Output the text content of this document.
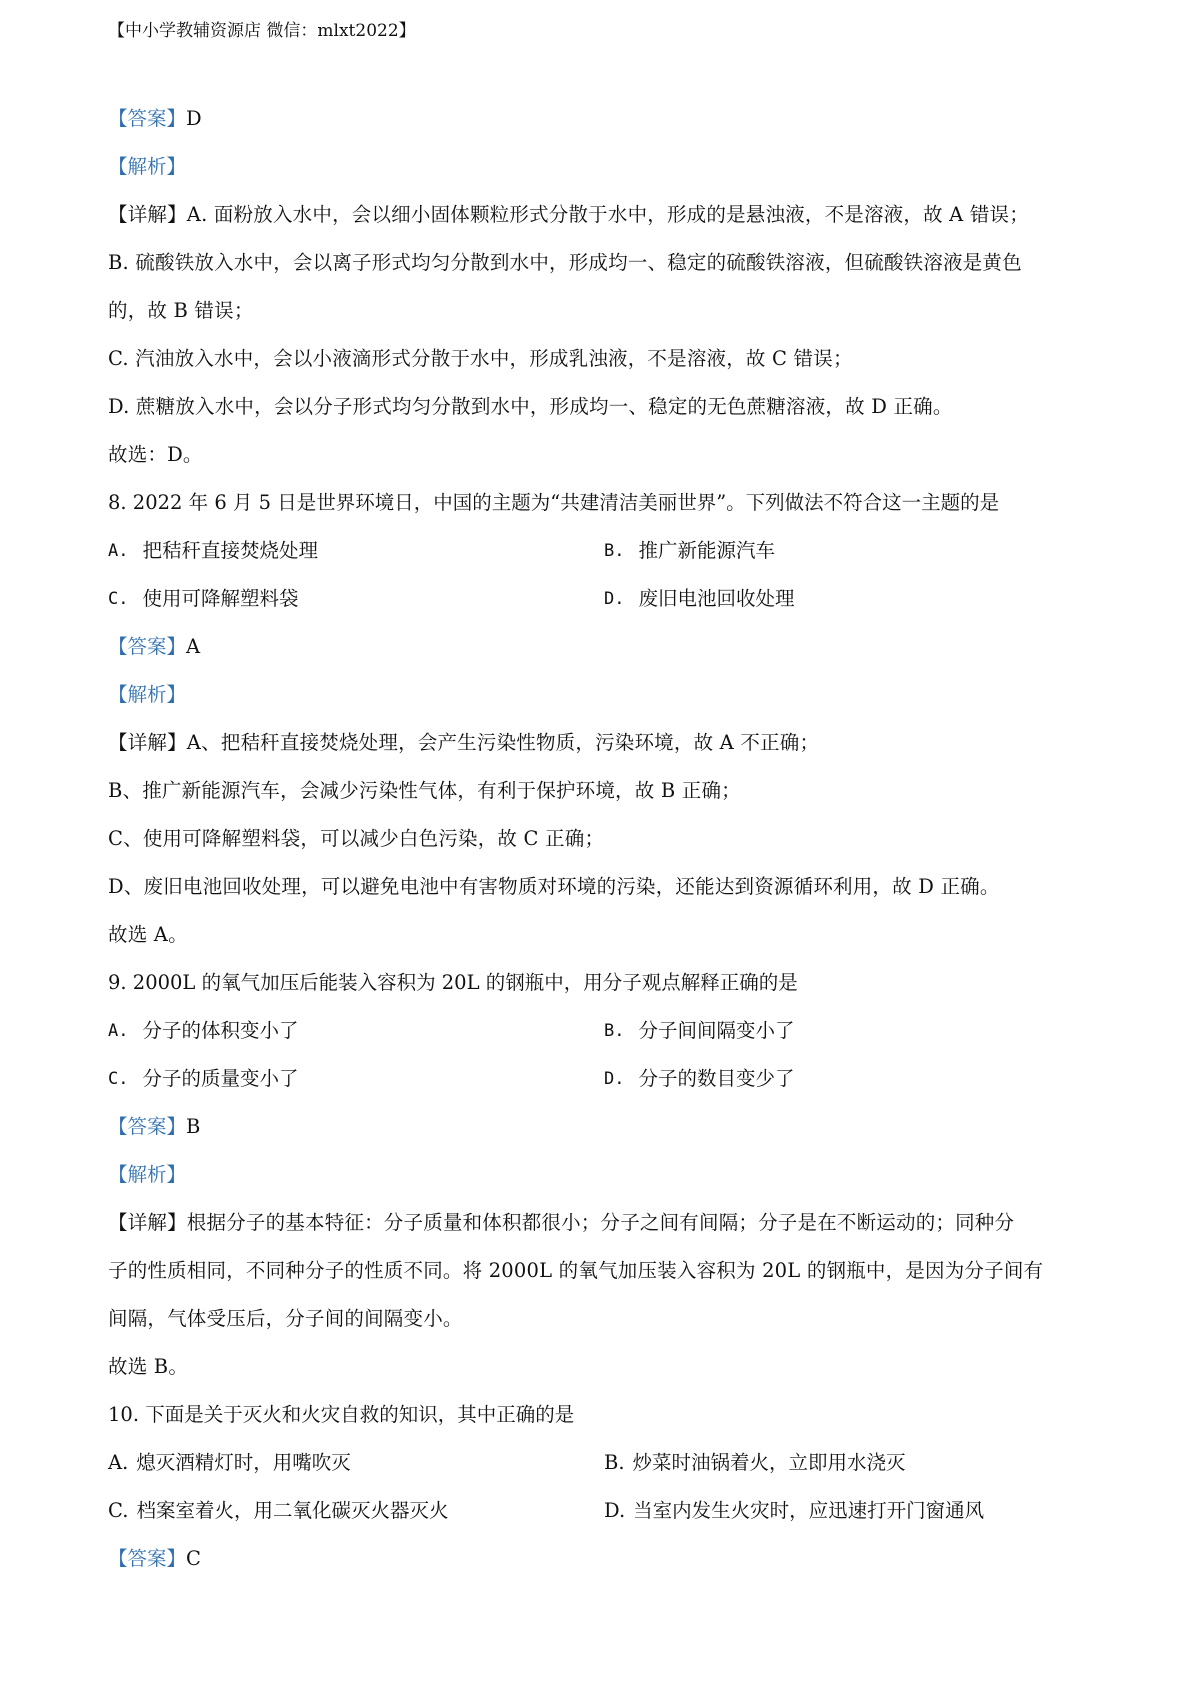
【中小学教辅资源店 微信：mlxt2022】
【答案】D
【解析】
【详解】A. 面粉放入水中，会以细小固体颗粒形式分散于水中，形成的是悬浊液，不是溶液，故 A 错误；
B. 硫酸铁放入水中，会以离子形式均匀分散到水中，形成均一、稳定的硫酸铁溶液，但硫酸铁溶液是黄色
的，故 B 错误；
C. 汽油放入水中，会以小液滴形式分散于水中，形成乳浊液，不是溶液，故 C 错误；
D. 蔗糖放入水中，会以分子形式均匀分散到水中，形成均一、稳定的无色蔗糖溶液，故 D 正确。
故选：D。
8. 2022 年 6 月 5 日是世界环境日，中国的主题为“共建清洁美丽世界”。下列做法不符合这一主题的是
A. 把秸秆直接焚烧处理	B. 推广新能源汽车
C. 使用可降解塑料袋	D. 废旧电池回收处理
【答案】A
【解析】
【详解】A、把秸秆直接焚烧处理，会产生污染性物质，污染环境，故 A 不正确；
B、推广新能源汽车，会减少污染性气体，有利于保护环境，故 B 正确；
C、使用可降解塑料袋，可以减少白色污染，故 C 正确；
D、废旧电池回收处理，可以避免电池中有害物质对环境的污染，还能达到资源循环利用，故 D 正确。
故选 A。
9. 2000L 的氧气加压后能装入容积为 20L 的钢瓶中，用分子观点解释正确的是
A. 分子的体积变小了	B. 分子间间隔变小了
C. 分子的质量变小了	D. 分子的数目变少了
【答案】B
【解析】
【详解】根据分子的基本特征：分子质量和体积都很小；分子之间有间隔；分子是在不断运动的；同种分
子的性质相同，不同种分子的性质不同。将 2000L 的氧气加压装入容积为 20L 的钢瓶中，是因为分子间有
间隔，气体受压后，分子间的间隔变小。
故选 B。
10. 下面是关于灭火和火灾自救的知识，其中正确的是
A. 熄灭酒精灯时，用嘴吹灭	B. 炒菜时油锅着火，立即用水浇灭
C. 档案室着火，用二氧化碳灭火器灭火	D. 当室内发生火灾时，应迅速打开门窗通风
【答案】C
